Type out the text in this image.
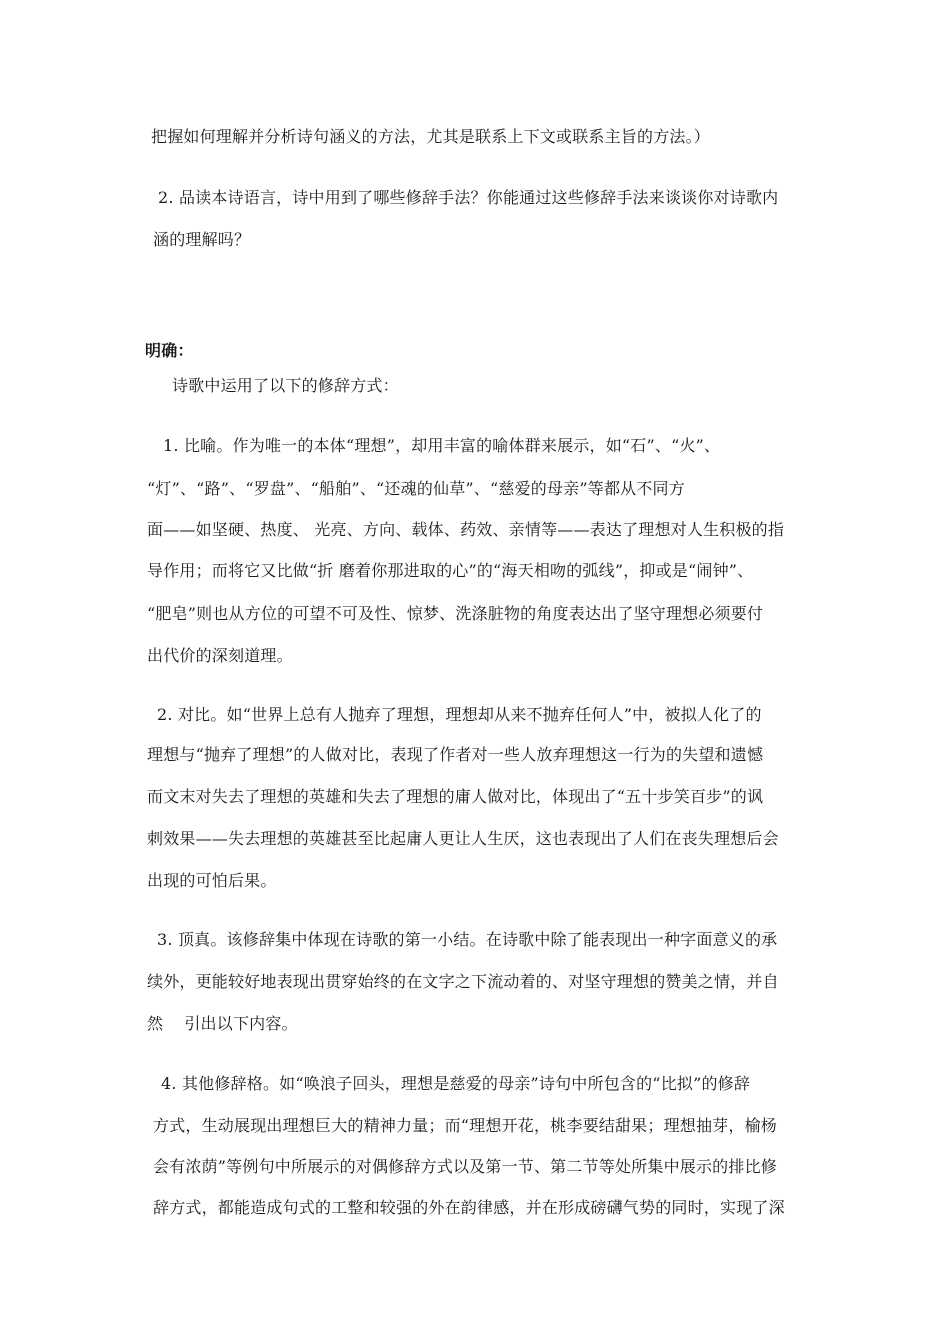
把握如何理解并分析诗句涵义的方法，尤其是联系上下文或联系主旨的方法。）
2. 品读本诗语言，诗中用到了哪些修辞手法？你能通过这些修辞手法来谈谈你对诗歌内
涵的理解吗？
明确：
诗歌中运用了以下的修辞方式：
1. 比喻。作为唯一的本体“理想”，却用丰富的喻体群来展示，如“石”、“火”、
“灯”、“路”、“罗盘”、“船舶”、“还魂的仙草”、“慈爱的母亲”等都从不同方
面——如坚硬、热度、 光亮、方向、载体、药效、亲情等——表达了理想对人生积极的指
导作用；而将它又比做“折 磨着你那进取的心”的“海天相吻的弧线”，抑或是“闹钟”、
“肥皂”则也从方位的可望不可及性、惊梦、洗涤脏物的角度表达出了坚守理想必须要付
出代价的深刻道理。
2. 对比。如“世界上总有人抛弃了理想，理想却从来不抛弃任何人”中，被拟人化了的
理想与“抛弃了理想”的人做对比，表现了作者对一些人放弃理想这一行为的失望和遗憾
而文末对失去了理想的英雄和失去了理想的庸人做对比，体现出了“五十步笑百步”的讽
刺效果——失去理想的英雄甚至比起庸人更让人生厌，这也表现出了人们在丧失理想后会
出现的可怕后果。
3. 顶真。该修辞集中体现在诗歌的第一小结。在诗歌中除了能表现出一种字面意义的承
续外，更能较好地表现出贯穿始终的在文字之下流动着的、对坚守理想的赞美之情，并自
然    引出以下内容。
4. 其他修辞格。如“唤浪子回头，理想是慈爱的母亲”诗句中所包含的“比拟”的修辞
方式，生动展现出理想巨大的精神力量；而“理想开花，桃李要结甜果；理想抽芽，榆杨
会有浓荫”等例句中所展示的对偶修辞方式以及第一节、第二节等处所集中展示的排比修
辞方式，都能造成句式的工整和较强的外在韵律感，并在形成磅礴气势的同时，实现了深
